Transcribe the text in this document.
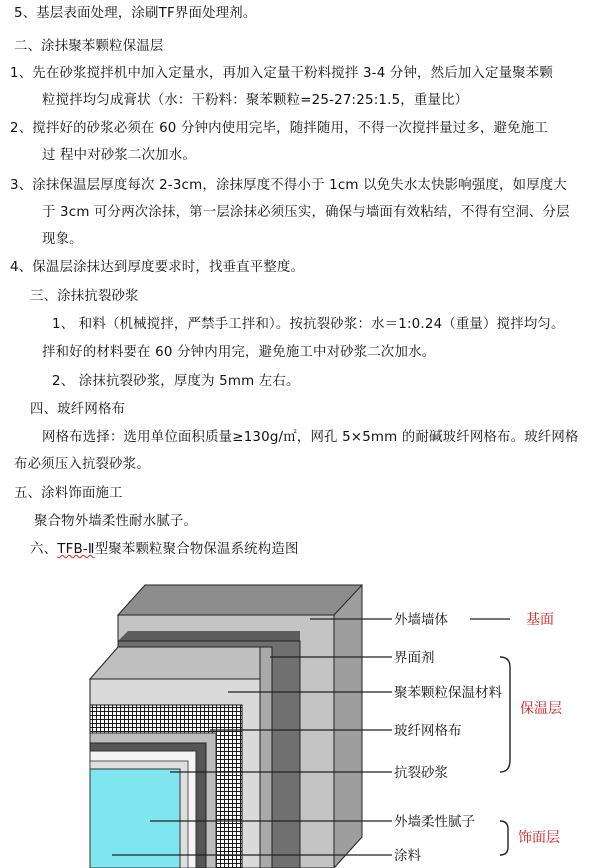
5、基层表面处理，涂刷TF界面处理剂。
二、涂抹聚苯颗粒保温层
1、先在砂浆搅拌机中加入定量水，再加入定量干粉料搅拌 3-4 分钟，然后加入定量聚苯颗
粒搅拌均匀成膏状（水：干粉料：聚苯颗粒=25-27:25:1.5，重量比）
2、搅拌好的砂浆必须在 60 分钟内使用完毕，随拌随用，不得一次搅拌量过多，避免施工
过 程中对砂浆二次加水。
3、涂抹保温层厚度每次 2-3cm，涂抹厚度不得小于 1cm 以免失水太快影响强度，如厚度大
于 3cm 可分两次涂抹，第一层涂抹必须压实，确保与墙面有效粘结，不得有空洞、分层
现象。
4、保温层涂抹达到厚度要求时，找垂直平整度。
三、涂抹抗裂砂浆
1、 和料（机械搅拌，严禁手工拌和）。按抗裂砂浆：水＝1:0.24（重量）搅拌均匀。
拌和好的材料要在 60 分钟内用完，避免施工中对砂浆二次加水。
2、 涂抹抗裂砂浆，厚度为 5mm 左右。
四、玻纤网格布
网格布选择：选用单位面积质量≥130g/㎡，网孔 5×5mm 的耐碱玻纤网格布。玻纤网格
布必须压入抗裂砂浆。
五、涂料饰面施工
聚合物外墙柔性耐水腻子。
六、TFB-Ⅱ型聚苯颗粒聚合物保温系统构造图
外墙墙体
界面剂
聚苯颗粒保温材料
玻纤网格布
抗裂砂浆
外墙柔性腻子
涂料
基面
保温层
饰面层
